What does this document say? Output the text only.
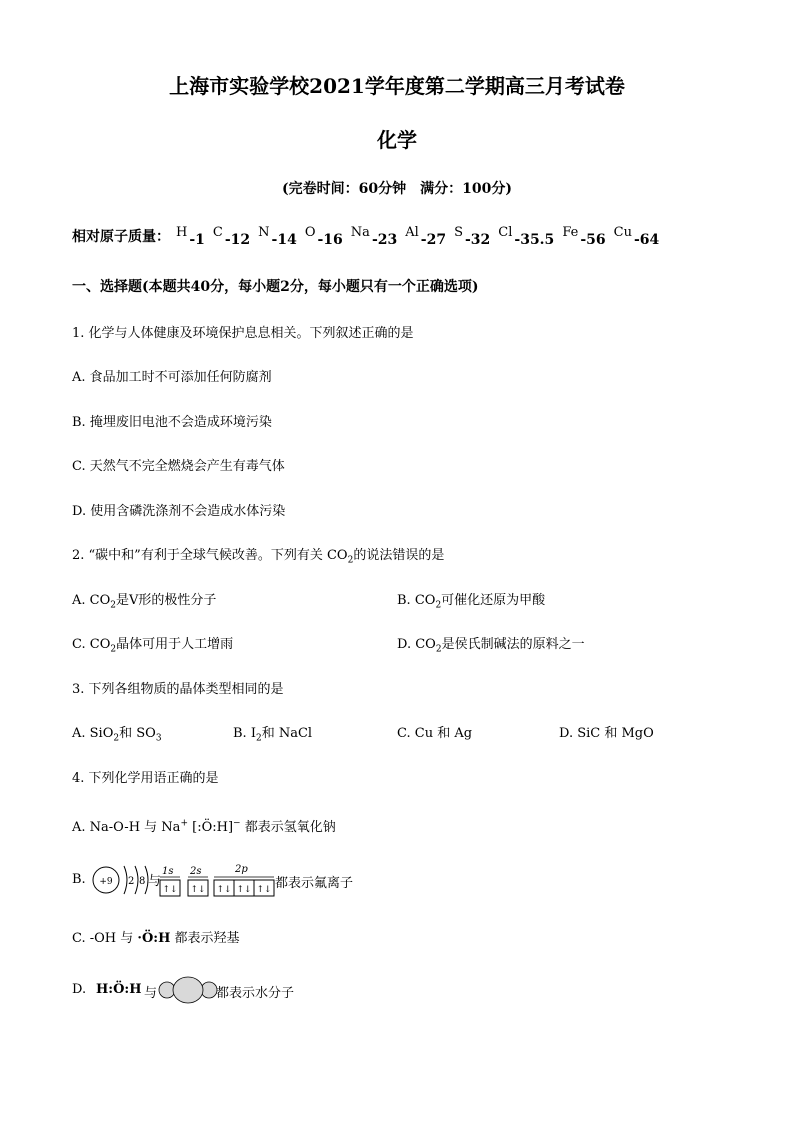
上海市实验学校2021学年度第二学期高三月考试卷
化学
(完卷时间：60分钟　满分：100分)
相对原子质量： H -1 C -12 N -14 O -16 Na -23 Al -27 S -32 Cl -35.5 Fe -56 Cu -64
一、选择题(本题共40分，每小题2分，每小题只有一个正确选项)
1. 化学与人体健康及环境保护息息相关。下列叙述正确的是
A. 食品加工时不可添加任何防腐剂
B. 掩埋废旧电池不会造成环境污染
C. 天然气不完全燃烧会产生有毒气体
D. 使用含磷洗涤剂不会造成水体污染
2. “碳中和”有利于全球气候改善。下列有关 $CO_2$的说法错误的是
A. $CO_2$是V形的极性分子	B. $CO_2$可催化还原为甲酸
C. $CO_2$晶体可用于人工增雨	D. $CO_2$是侯氏制碱法的原料之一
3. 下列各组物质的晶体类型相同的是
A. SiO$_2$和 $SO_3$	B. $I_2$和 NaCl	C. Cu 和 Ag	D. SiC 和 MgO
4. 下列化学用语正确的是
A. Na-O-H 与 Na+ [:Ö:H]− 都表示氢氧化钠
B. +9 2 8 与
1s
↑↓
2s
↑↓
2p
↑↓ ↑↓ ↑↓ 都表示氟离子
C. -OH 与 ·Ö:H 都表示羟基
D. H:Ö:H 与	都表示水分子
